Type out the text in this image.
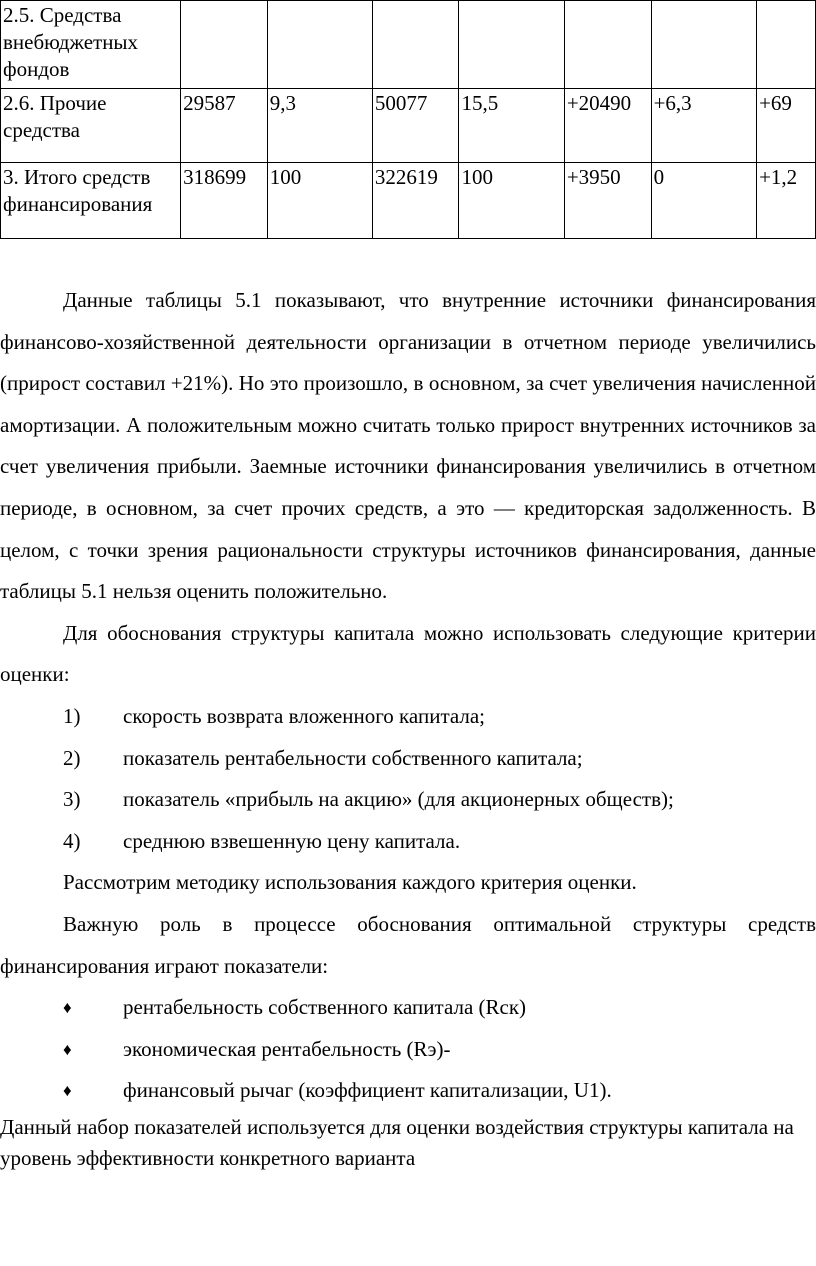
2.5. Средства внебюджетных фондов							
2.6. Прочие средства	29587	9,3	50077	15,5	+20490	+6,3	+69
3. Итого средств финансирования	318699	100	322619	100	+3950	0	+1,2

Данные таблицы 5.1 показывают, что внутренние источники финансирования финансово-хозяйственной деятельности организации в отчетном периоде увеличились (прирост составил +21%). Но это произошло, в основном, за счет увеличения начисленной амортизации. А положительным можно считать только прирост внутренних источников за счет увеличения прибыли. Заемные источники финансирования увеличились в отчетном периоде, в основном, за счет прочих средств, а это — кредиторская задолженность. В целом, с точки зрения рациональности структуры источников финансирования, данные таблицы 5.1 нельзя оценить положительно.

Для обоснования структуры капитала можно использовать следующие критерии оценки:

1) скорость возврата вложенного капитала;
2) показатель рентабельности собственного капитала;
3) показатель «прибыль на акцию» (для акционерных обществ);
4) среднюю взвешенную цену капитала.

Рассмотрим методику использования каждого критерия оценки.

Важную роль в процессе обоснования оптимальной структуры средств финансирования играют показатели:

♦ рентабельность собственного капитала (Rск)
♦ экономическая рентабельность (Rэ)-
♦ финансовый рычаг (коэффициент капитализации, U1).

Данный набор показателей используется для оценки воздействия структуры капитала на уровень эффективности конкретного варианта
